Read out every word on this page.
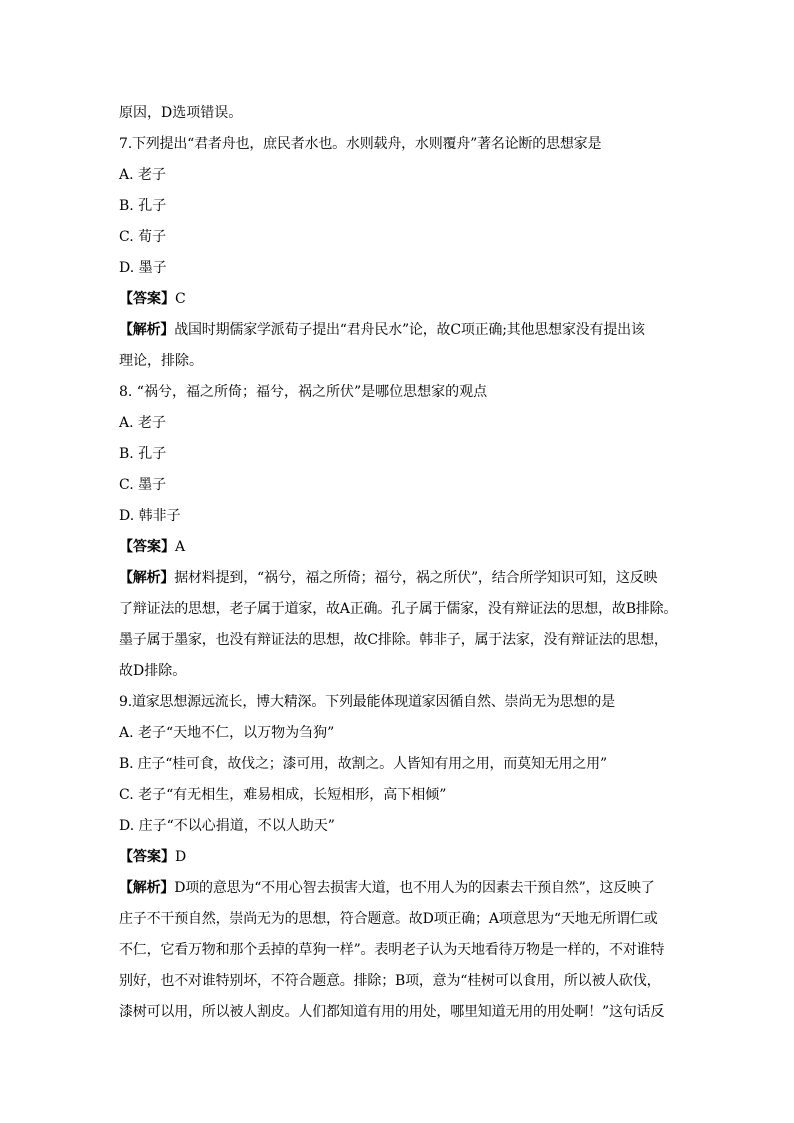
原因，D选项错误。
7.下列提出“君者舟也，庶民者水也。水则载舟，水则覆舟”著名论断的思想家是
A. 老子
B. 孔子
C. 荀子
D. 墨子
【答案】C
【解析】战国时期儒家学派荀子提出“君舟民水”论，故C项正确;其他思想家没有提出该
理论，排除。
8. “祸兮，福之所倚；福兮，祸之所伏”是哪位思想家的观点
A. 老子
B. 孔子
C. 墨子
D. 韩非子
【答案】A
【解析】据材料提到，“祸兮，福之所倚；福兮，祸之所伏”，结合所学知识可知，这反映
了辩证法的思想，老子属于道家，故A正确。孔子属于儒家，没有辩证法的思想，故B排除。
墨子属于墨家，也没有辩证法的思想，故C排除。韩非子，属于法家，没有辩证法的思想，
故D排除。
9.道家思想源远流长，博大精深。下列最能体现道家因循自然、崇尚无为思想的是
A. 老子“天地不仁，以万物为刍狗”
B. 庄子“桂可食，故伐之；漆可用，故割之。人皆知有用之用，而莫知无用之用”
C. 老子“有无相生，难易相成，长短相形，高下相倾”
D. 庄子“不以心捐道，不以人助天”
【答案】D
【解析】D项的意思为“不用心智去损害大道，也不用人为的因素去干预自然”，这反映了
庄子不干预自然，崇尚无为的思想，符合题意。故D项正确；A项意思为“天地无所谓仁或
不仁，它看万物和那个丢掉的草狗一样”。表明老子认为天地看待万物是一样的，不对谁特
别好，也不对谁特别坏，不符合题意。排除；B项，意为“桂树可以食用，所以被人砍伐，
漆树可以用，所以被人割皮。人们都知道有用的用处，哪里知道无用的用处啊！”这句话反
